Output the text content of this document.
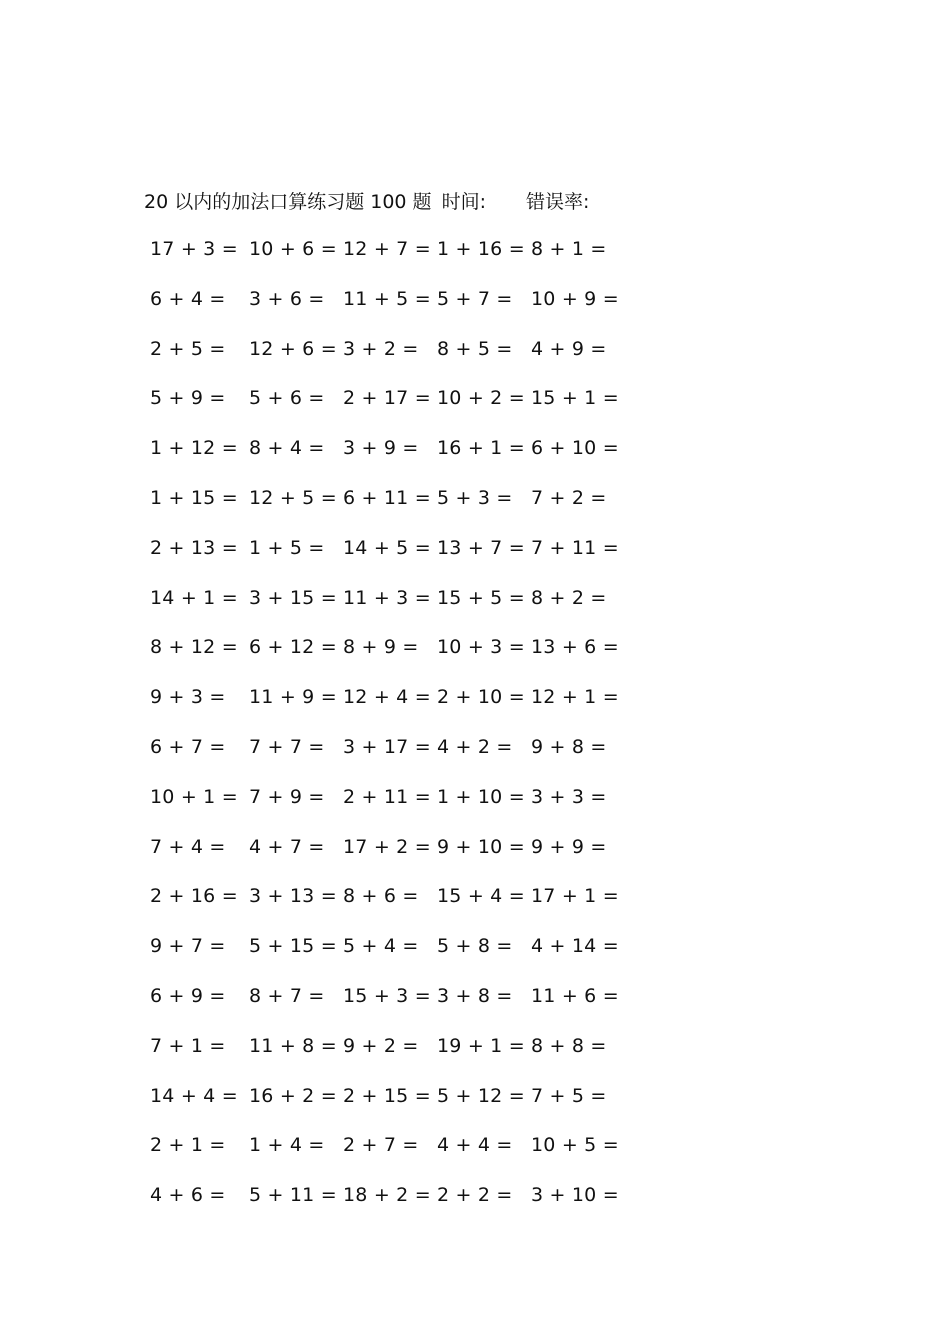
20 以内的加法口算练习题 100 题 时间: 错误率:
17 + 3 = 10 + 6 = 12 + 7 = 1 + 16 = 8 + 1 =
6 + 4 = 3 + 6 = 11 + 5 = 5 + 7 = 10 + 9 =
2 + 5 = 12 + 6 = 3 + 2 = 8 + 5 = 4 + 9 =
5 + 9 = 5 + 6 = 2 + 17 = 10 + 2 = 15 + 1 =
1 + 12 = 8 + 4 = 3 + 9 = 16 + 1 = 6 + 10 =
1 + 15 = 12 + 5 = 6 + 11 = 5 + 3 = 7 + 2 =
2 + 13 = 1 + 5 = 14 + 5 = 13 + 7 = 7 + 11 =
14 + 1 = 3 + 15 = 11 + 3 = 15 + 5 = 8 + 2 =
8 + 12 = 6 + 12 = 8 + 9 = 10 + 3 = 13 + 6 =
9 + 3 = 11 + 9 = 12 + 4 = 2 + 10 = 12 + 1 =
6 + 7 = 7 + 7 = 3 + 17 = 4 + 2 = 9 + 8 =
10 + 1 = 7 + 9 = 2 + 11 = 1 + 10 = 3 + 3 =
7 + 4 = 4 + 7 = 17 + 2 = 9 + 10 = 9 + 9 =
2 + 16 = 3 + 13 = 8 + 6 = 15 + 4 = 17 + 1 =
9 + 7 = 5 + 15 = 5 + 4 = 5 + 8 = 4 + 14 =
6 + 9 = 8 + 7 = 15 + 3 = 3 + 8 = 11 + 6 =
7 + 1 = 11 + 8 = 9 + 2 = 19 + 1 = 8 + 8 =
14 + 4 = 16 + 2 = 2 + 15 = 5 + 12 = 7 + 5 =
2 + 1 = 1 + 4 = 2 + 7 = 4 + 4 = 10 + 5 =
4 + 6 = 5 + 11 = 18 + 2 = 2 + 2 = 3 + 10 =
